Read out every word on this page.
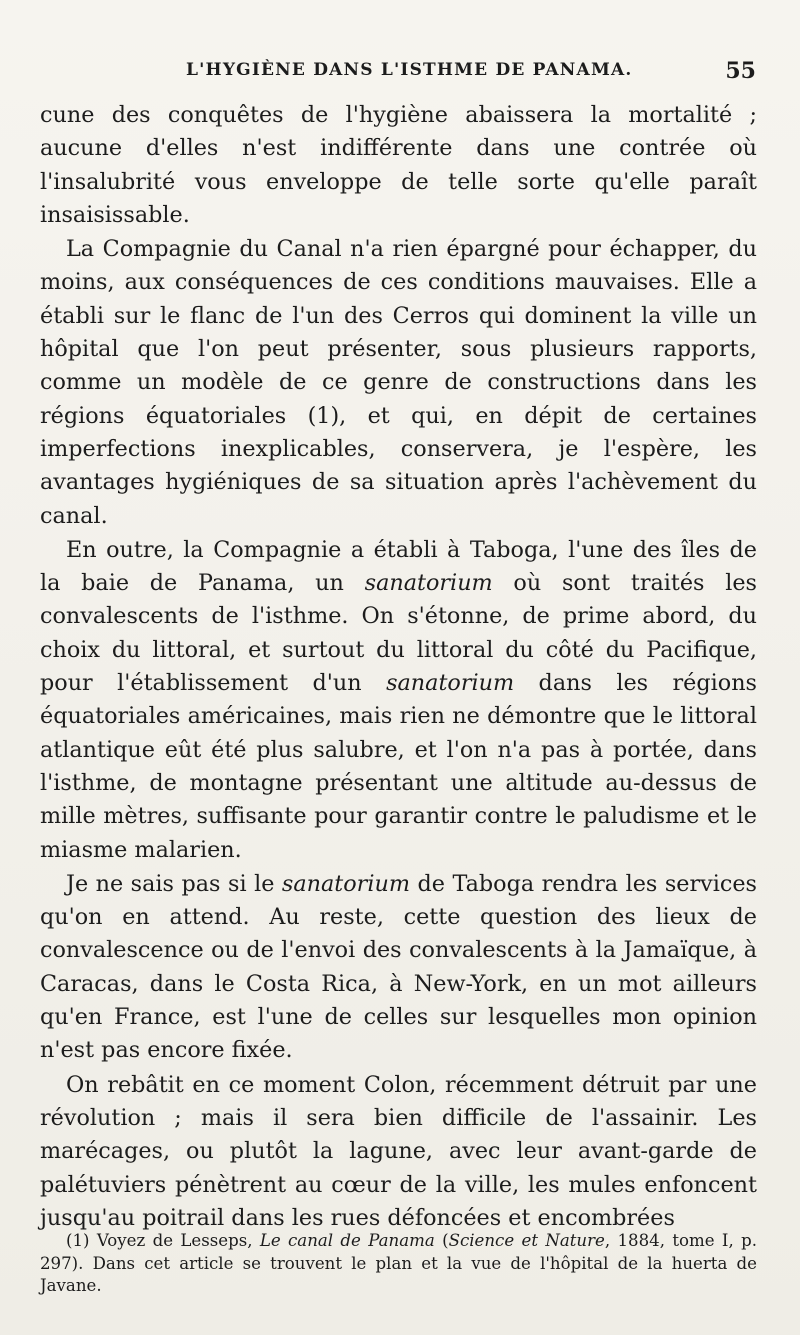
L'HYGIÈNE DANS L'ISTHME DE PANAMA.	55

cune des conquêtes de l'hygiène abaissera la mortalité ; aucune d'elles n'est indifférente dans une contrée où l'insalubrité vous enveloppe de telle sorte qu'elle paraît insaisissable.

La Compagnie du Canal n'a rien épargné pour échapper, du moins, aux conséquences de ces conditions mauvaises. Elle a établi sur le flanc de l'un des Cerros qui dominent la ville un hôpital que l'on peut présenter, sous plusieurs rapports, comme un modèle de ce genre de constructions dans les régions équatoriales (1), et qui, en dépit de certaines imperfections inexplicables, conservera, je l'espère, les avantages hygiéniques de sa situation après l'achèvement du canal.

En outre, la Compagnie a établi à Taboga, l'une des îles de la baie de Panama, un sanatorium où sont traités les convalescents de l'isthme. On s'étonne, de prime abord, du choix du littoral, et surtout du littoral du côté du Pacifique, pour l'établissement d'un sanatorium dans les régions équatoriales américaines, mais rien ne démontre que le littoral atlantique eût été plus salubre, et l'on n'a pas à portée, dans l'isthme, de montagne présentant une altitude au-dessus de mille mètres, suffisante pour garantir contre le paludisme et le miasme malarien.

Je ne sais pas si le sanatorium de Taboga rendra les services qu'on en attend. Au reste, cette question des lieux de convalescence ou de l'envoi des convalescents à la Jamaïque, à Caracas, dans le Costa Rica, à New-York, en un mot ailleurs qu'en France, est l'une de celles sur lesquelles mon opinion n'est pas encore fixée.

On rebâtit en ce moment Colon, récemment détruit par une révolution ; mais il sera bien difficile de l'assainir. Les marécages, ou plutôt la lagune, avec leur avant-garde de palétuviers pénètrent au cœur de la ville, les mules enfoncent jusqu'au poitrail dans les rues défoncées et encombrées

(1) Voyez de Lesseps, Le canal de Panama (Science et Nature, 1884, tome I, p. 297). Dans cet article se trouvent le plan et la vue de l'hôpital de la huerta de Javane.
